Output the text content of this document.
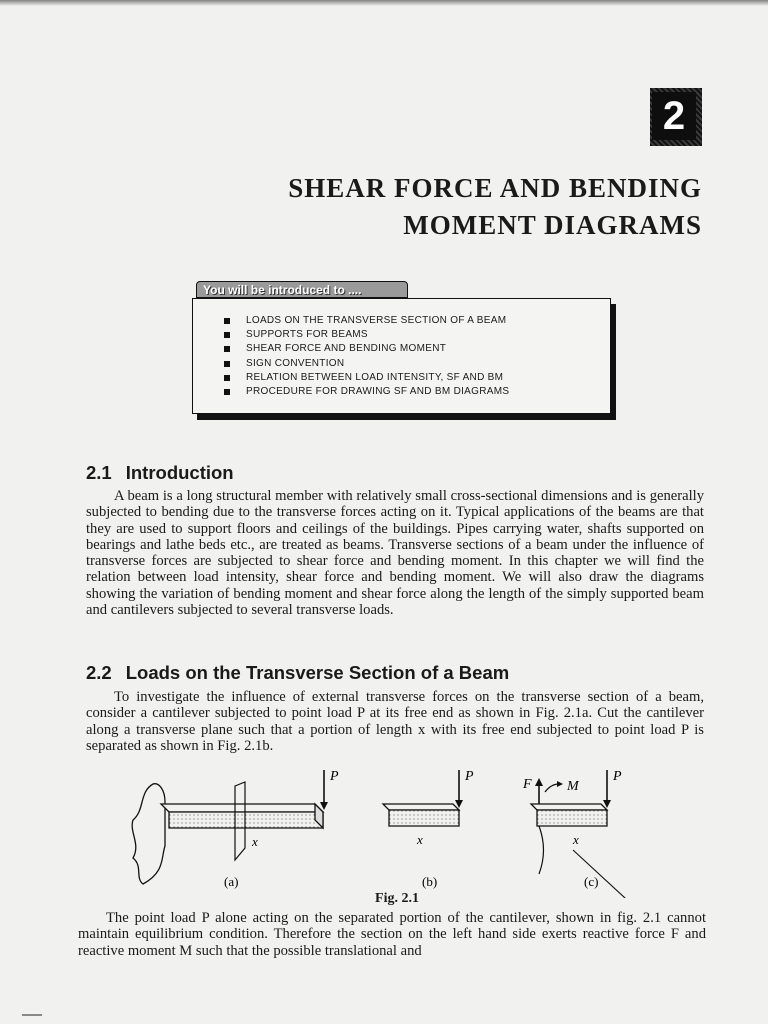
2
SHEAR FORCE AND BENDING
MOMENT DIAGRAMS
You will be introduced to ....
LOADS ON THE TRANSVERSE SECTION OF A BEAM
SUPPORTS FOR BEAMS
SHEAR FORCE AND BENDING MOMENT
SIGN CONVENTION
RELATION BETWEEN LOAD INTENSITY, SF AND BM
PROCEDURE FOR DRAWING SF AND BM DIAGRAMS
2.1 Introduction

A beam is a long structural member with relatively small cross-sectional dimensions and is generally subjected to bending due to the transverse forces acting on it. Typical applications of the beams are that they are used to support floors and ceilings of the buildings. Pipes carrying water, shafts supported on bearings and lathe beds etc., are treated as beams. Transverse sections of a beam under the influence of transverse forces are subjected to shear force and bending moment. In this chapter we will find the relation between load intensity, shear force and bending moment. We will also draw the diagrams showing the variation of bending moment and shear force along the length of the simply supported beam and cantilevers subjected to several transverse loads.

2.2 Loads on the Transverse Section of a Beam

To investigate the influence of external transverse forces on the transverse section of a beam, consider a cantilever subjected to point load P at its free end as shown in Fig. 2.1a. Cut the cantilever along a transverse plane such that a portion of length x with its free end subjected to point load P is separated as shown in Fig. 2.1b.

P	P	P
F	M
x	x	x
(a)	(b)	(c)
Fig. 2.1

The point load P alone acting on the separated portion of the cantilever, shown in fig. 2.1 cannot maintain equilibrium condition. Therefore the section on the left hand side exerts reactive force F and reactive moment M such that the possible translational and
